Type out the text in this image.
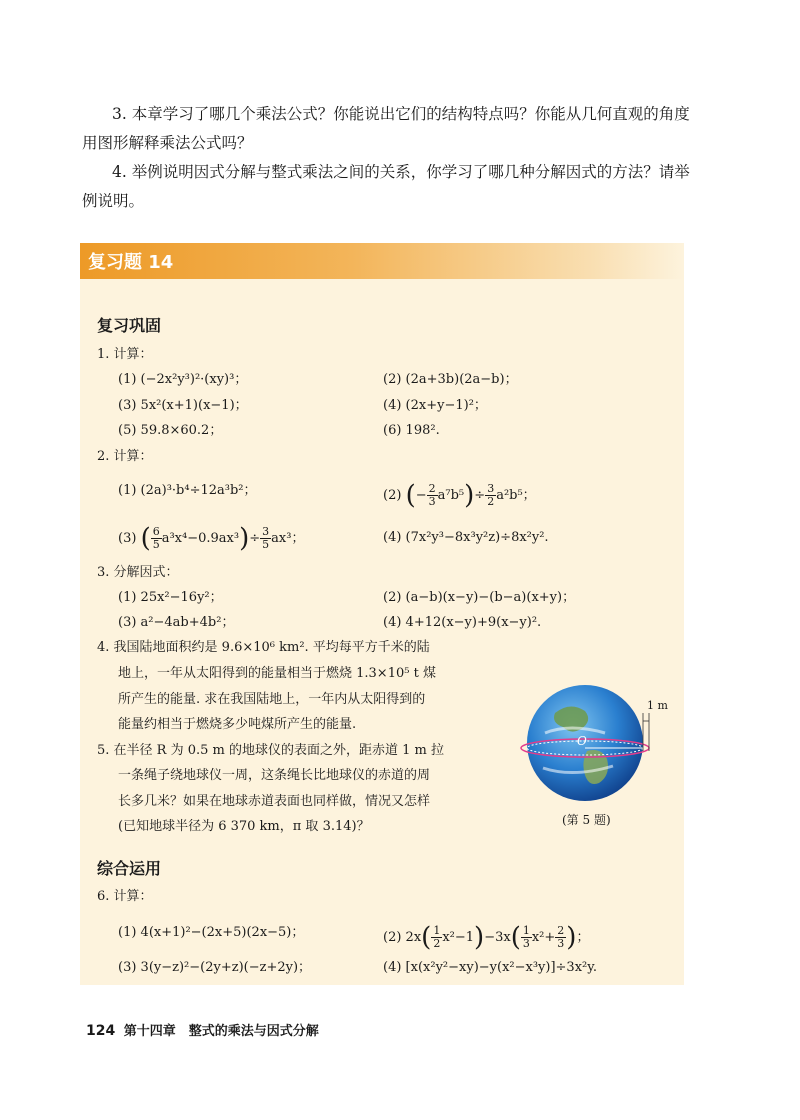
3. 本章学习了哪几个乘法公式？你能说出它们的结构特点吗？你能从几何直观的角度用图形解释乘法公式吗？

4. 举例说明因式分解与整式乘法之间的关系，你学习了哪几种分解因式的方法？请举例说明。

复习题 14
复习巩固
1. 计算：
(1) (−2x²y³)²·(xy)³；	(2) (2a+3b)(2a−b)；
(3) 5x²(x+1)(x−1)；	(4) (2x+y−1)²；
(5) 59.8×60.2；	(6) 198².
2. 计算：
(1) (2a)³·b⁴÷12a³b²；	(2) (− $\frac{2}{3} a^7b^5)\div \frac{3}{2} a^2b^5$；
(3) ( $\frac{6}{5} a^3x^4-0.9ax^3)\div \frac{3}{5} ax^3$；	(4) (7x²y³−8x³y²z)÷8x²y².
3. 分解因式：
(1) 25x²−16y²；	(2) (a−b)(x−y)−(b−a)(x+y)；
(3) a²−4ab+4b²；	(4) 4+12(x−y)+9(x−y)².
4. 我国陆地面积约是 9.6×10⁶ km². 平均每平方千米的陆
地上，一年从太阳得到的能量相当于燃烧 1.3×10⁵ t 煤
所产生的能量. 求在我国陆地上，一年内从太阳得到的
能量约相当于燃烧多少吨煤所产生的能量.
5. 在半径 R 为 0.5 m 的地球仪的表面之外，距赤道 1 m 拉
一条绳子绕地球仪一周，这条绳长比地球仪的赤道的周
长多几米？如果在地球赤道表面也同样做，情况又怎样
(已知地球半径为 6 370 km，π 取 3.14)？
1 m
O
(第 5 题)
综合运用
6. 计算：
(1) 4(x+1)²−(2x+5)(2x−5)；	(2) $2x( \frac{1}{2} x^2-1)-3x( \frac{1}{3} x^2+ \frac{2}{3}$ )；
(3) 3(y−z)²−(2y+z)(−z+2y)；	(4) [x(x²y²−xy)−y(x²−x³y)]÷3x²y.
124 第十四章　整式的乘法与因式分解
